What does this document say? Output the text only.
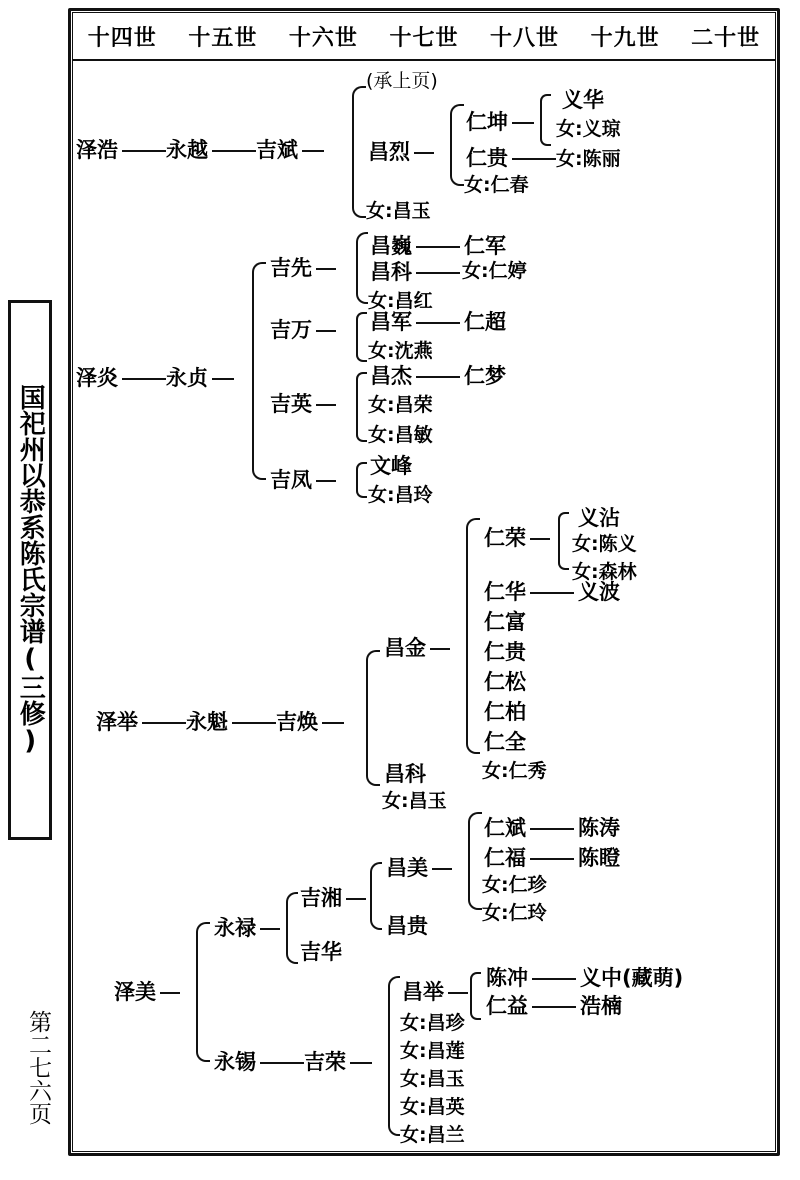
十四世 十五世 十六世 十七世 十八世 十九世 二十世
国祀州以恭系陈氏宗谱(三修)
第二七六页
(承上页)
泽浩 永越 吉斌	昌烈
女:昌玉
仁坤
仁贵
女:仁春
义华
女:义琼
女:陈丽
泽炎 永贞
吉先
吉万
吉英
吉凤
昌巍 仁军
昌科	女:仁婷
女:昌红
昌军 仁超
女:沈燕
昌杰 仁梦
女:昌荣
女:昌敏
文峰
女:昌玲
泽举 永魁 吉焕
昌金
昌科
女:昌玉
仁荣
仁华 义波
仁富
仁贵
仁松
仁柏
仁全
女:仁秀
义沾
女:陈义
女:森林
泽美
永禄
永锡
吉湘
吉华
昌美
昌贵
仁斌 陈涛
仁福 陈瞪
女:仁珍
女:仁玲
吉荣
昌举
女:昌珍
女:昌莲
女:昌玉
女:昌英
女:昌兰
陈冲 义中(藏萌)
仁益 浩楠
